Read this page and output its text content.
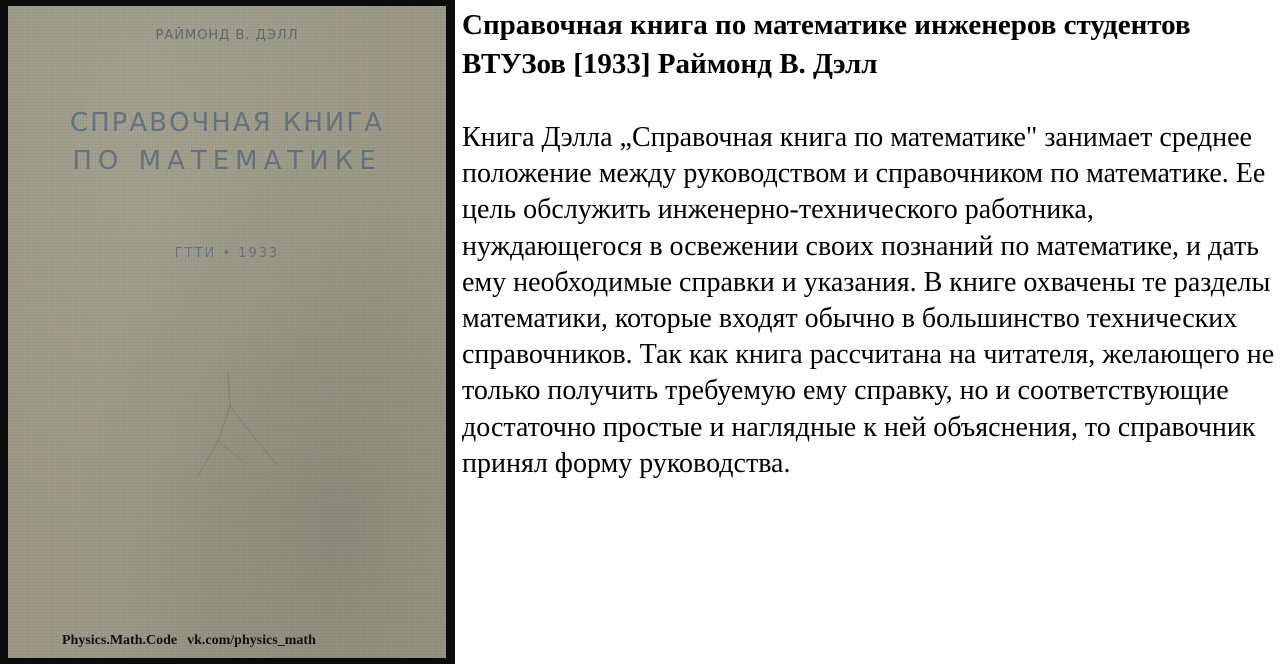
РАЙМОНД В. ДЭЛЛ
СПРАВОЧНАЯ КНИГА
ПО МАТЕМАТИКЕ
ГТТИ • 1933
Physics.Math.Code vk.com/physics_math
Справочная книга по математике инженеров студентов ВТУЗов [1933] Раймонд В. Дэлл

Книга Дэлла „Справочная книга по математике" занимает среднее положение между руководством и справочником по математике. Ее цель обслужить инженерно-технического работника, нуждающегося в освежении своих познаний по математике, и дать ему необходимые справки и указания. В книге охвачены те разделы математики, которые входят обычно в большинство технических справочников. Так как книга рассчитана на читателя, желающего не только получить требуемую ему справку, но и соответствующие достаточно простые и наглядные к ней объяснения, то справочник принял форму руководства.
